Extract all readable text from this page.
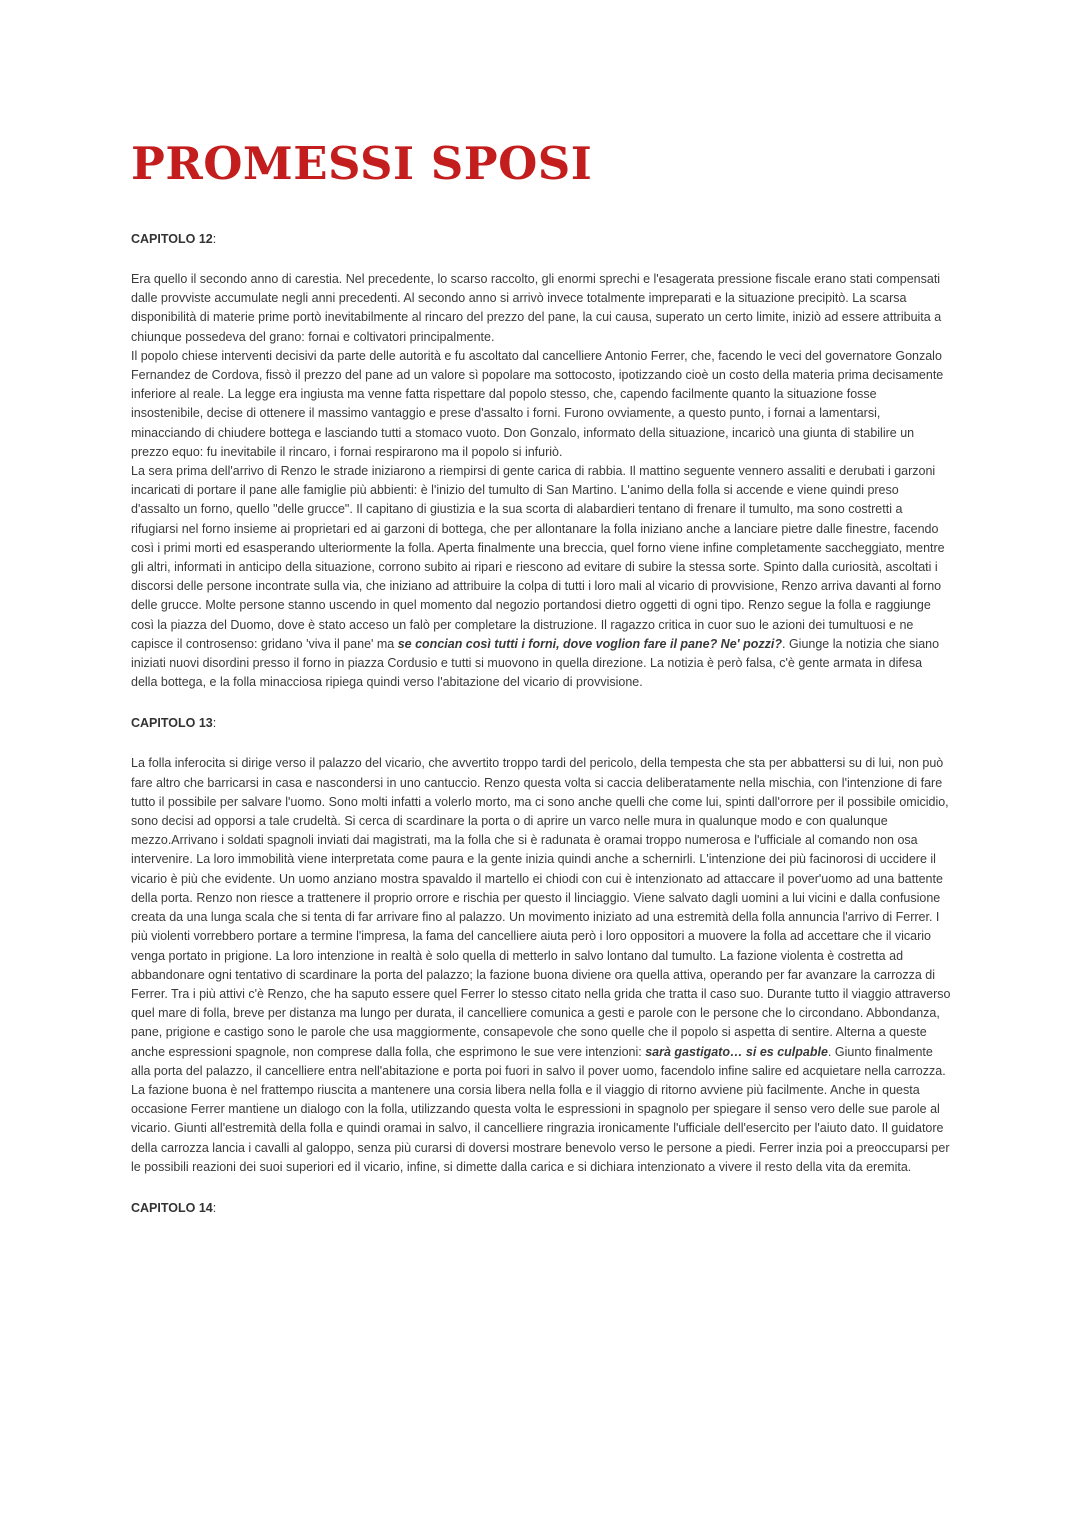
PROMESSI SPOSI
CAPITOLO 12:

Era quello il secondo anno di carestia. Nel precedente, lo scarso raccolto, gli enormi sprechi e l'esagerata pressione fiscale erano stati compensati dalle provviste accumulate negli anni precedenti. Al secondo anno si arrivò invece totalmente impreparati e la situazione precipitò. La scarsa disponibilità di materie prime portò inevitabilmente al rincaro del prezzo del pane, la cui causa, superato un certo limite, iniziò ad essere attribuita a chiunque possedeva del grano: fornai e coltivatori principalmente.

Il popolo chiese interventi decisivi da parte delle autorità e fu ascoltato dal cancelliere Antonio Ferrer, che, facendo le veci del governatore Gonzalo Fernandez de Cordova, fissò il prezzo del pane ad un valore sì popolare ma sottocosto, ipotizzando cioè un costo della materia prima decisamente inferiore al reale. La legge era ingiusta ma venne fatta rispettare dal popolo stesso, che, capendo facilmente quanto la situazione fosse insostenibile, decise di ottenere il massimo vantaggio e prese d'assalto i forni. Furono ovviamente, a questo punto, i fornai a lamentarsi, minacciando di chiudere bottega e lasciando tutti a stomaco vuoto. Don Gonzalo, informato della situazione, incaricò una giunta di stabilire un prezzo equo: fu inevitabile il rincaro, i fornai respirarono ma il popolo si infuriò.

La sera prima dell'arrivo di Renzo le strade iniziarono a riempirsi di gente carica di rabbia. Il mattino seguente vennero assaliti e derubati i garzoni incaricati di portare il pane alle famiglie più abbienti: è l'inizio del tumulto di San Martino. L'animo della folla si accende e viene quindi preso d'assalto un forno, quello "delle grucce". Il capitano di giustizia e la sua scorta di alabardieri tentano di frenare il tumulto, ma sono costretti a rifugiarsi nel forno insieme ai proprietari ed ai garzoni di bottega, che per allontanare la folla iniziano anche a lanciare pietre dalle finestre, facendo così i primi morti ed esasperando ulteriormente la folla. Aperta finalmente una breccia, quel forno viene infine completamente saccheggiato, mentre gli altri, informati in anticipo della situazione, corrono subito ai ripari e riescono ad evitare di subire la stessa sorte. Spinto dalla curiosità, ascoltati i discorsi delle persone incontrate sulla via, che iniziano ad attribuire la colpa di tutti i loro mali al vicario di provvisione, Renzo arriva davanti al forno delle grucce. Molte persone stanno uscendo in quel momento dal negozio portandosi dietro oggetti di ogni tipo. Renzo segue la folla e raggiunge così la piazza del Duomo, dove è stato acceso un falò per completare la distruzione. Il ragazzo critica in cuor suo le azioni dei tumultuosi e ne capisce il controsenso: gridano 'viva il pane' ma se concian così tutti i forni, dove voglion fare il pane? Ne' pozzi?. Giunge la notizia che siano iniziati nuovi disordini presso il forno in piazza Cordusio e tutti si muovono in quella direzione. La notizia è però falsa, c'è gente armata in difesa della bottega, e la folla minacciosa ripiega quindi verso l'abitazione del vicario di provvisione.

CAPITOLO 13:

La folla inferocita si dirige verso il palazzo del vicario, che avvertito troppo tardi del pericolo, della tempesta che sta per abbattersi su di lui, non può fare altro che barricarsi in casa e nascondersi in uno cantuccio. Renzo questa volta si caccia deliberatamente nella mischia, con l'intenzione di fare tutto il possibile per salvare l'uomo. Sono molti infatti a volerlo morto, ma ci sono anche quelli che come lui, spinti dall'orrore per il possibile omicidio, sono decisi ad opporsi a tale crudeltà. Si cerca di scardinare la porta o di aprire un varco nelle mura in qualunque modo e con qualunque mezzo.Arrivano i soldati spagnoli inviati dai magistrati, ma la folla che si è radunata è oramai troppo numerosa e l'ufficiale al comando non osa intervenire. La loro immobilità viene interpretata come paura e la gente inizia quindi anche a schernirli. L'intenzione dei più facinorosi di uccidere il vicario è più che evidente. Un uomo anziano mostra spavaldo il martello ei chiodi con cui è intenzionato ad attaccare il pover'uomo ad una battente della porta. Renzo non riesce a trattenere il proprio orrore e rischia per questo il linciaggio. Viene salvato dagli uomini a lui vicini e dalla confusione creata da una lunga scala che si tenta di far arrivare fino al palazzo. Un movimento iniziato ad una estremità della folla annuncia l'arrivo di Ferrer. I più violenti vorrebbero portare a termine l'impresa, la fama del cancelliere aiuta però i loro oppositori a muovere la folla ad accettare che il vicario venga portato in prigione. La loro intenzione in realtà è solo quella di metterlo in salvo lontano dal tumulto. La fazione violenta è costretta ad abbandonare ogni tentativo di scardinare la porta del palazzo; la fazione buona diviene ora quella attiva, operando per far avanzare la carrozza di Ferrer. Tra i più attivi c'è Renzo, che ha saputo essere quel Ferrer lo stesso citato nella grida che tratta il caso suo. Durante tutto il viaggio attraverso quel mare di folla, breve per distanza ma lungo per durata, il cancelliere comunica a gesti e parole con le persone che lo circondano. Abbondanza, pane, prigione e castigo sono le parole che usa maggiormente, consapevole che sono quelle che il popolo si aspetta di sentire. Alterna a queste anche espressioni spagnole, non comprese dalla folla, che esprimono le sue vere intenzioni: sarà gastigato… si es culpable. Giunto finalmente alla porta del palazzo, il cancelliere entra nell'abitazione e porta poi fuori in salvo il pover uomo, facendolo infine salire ed acquietare nella carrozza. La fazione buona è nel frattempo riuscita a mantenere una corsia libera nella folla e il viaggio di ritorno avviene più facilmente. Anche in questa occasione Ferrer mantiene un dialogo con la folla, utilizzando questa volta le espressioni in spagnolo per spiegare il senso vero delle sue parole al vicario. Giunti all'estremità della folla e quindi oramai in salvo, il cancelliere ringrazia ironicamente l'ufficiale dell'esercito per l'aiuto dato. Il guidatore della carrozza lancia i cavalli al galoppo, senza più curarsi di doversi mostrare benevolo verso le persone a piedi. Ferrer inzia poi a preoccuparsi per le possibili reazioni dei suoi superiori ed il vicario, infine, si dimette dalla carica e si dichiara intenzionato a vivere il resto della vita da eremita.

CAPITOLO 14:
